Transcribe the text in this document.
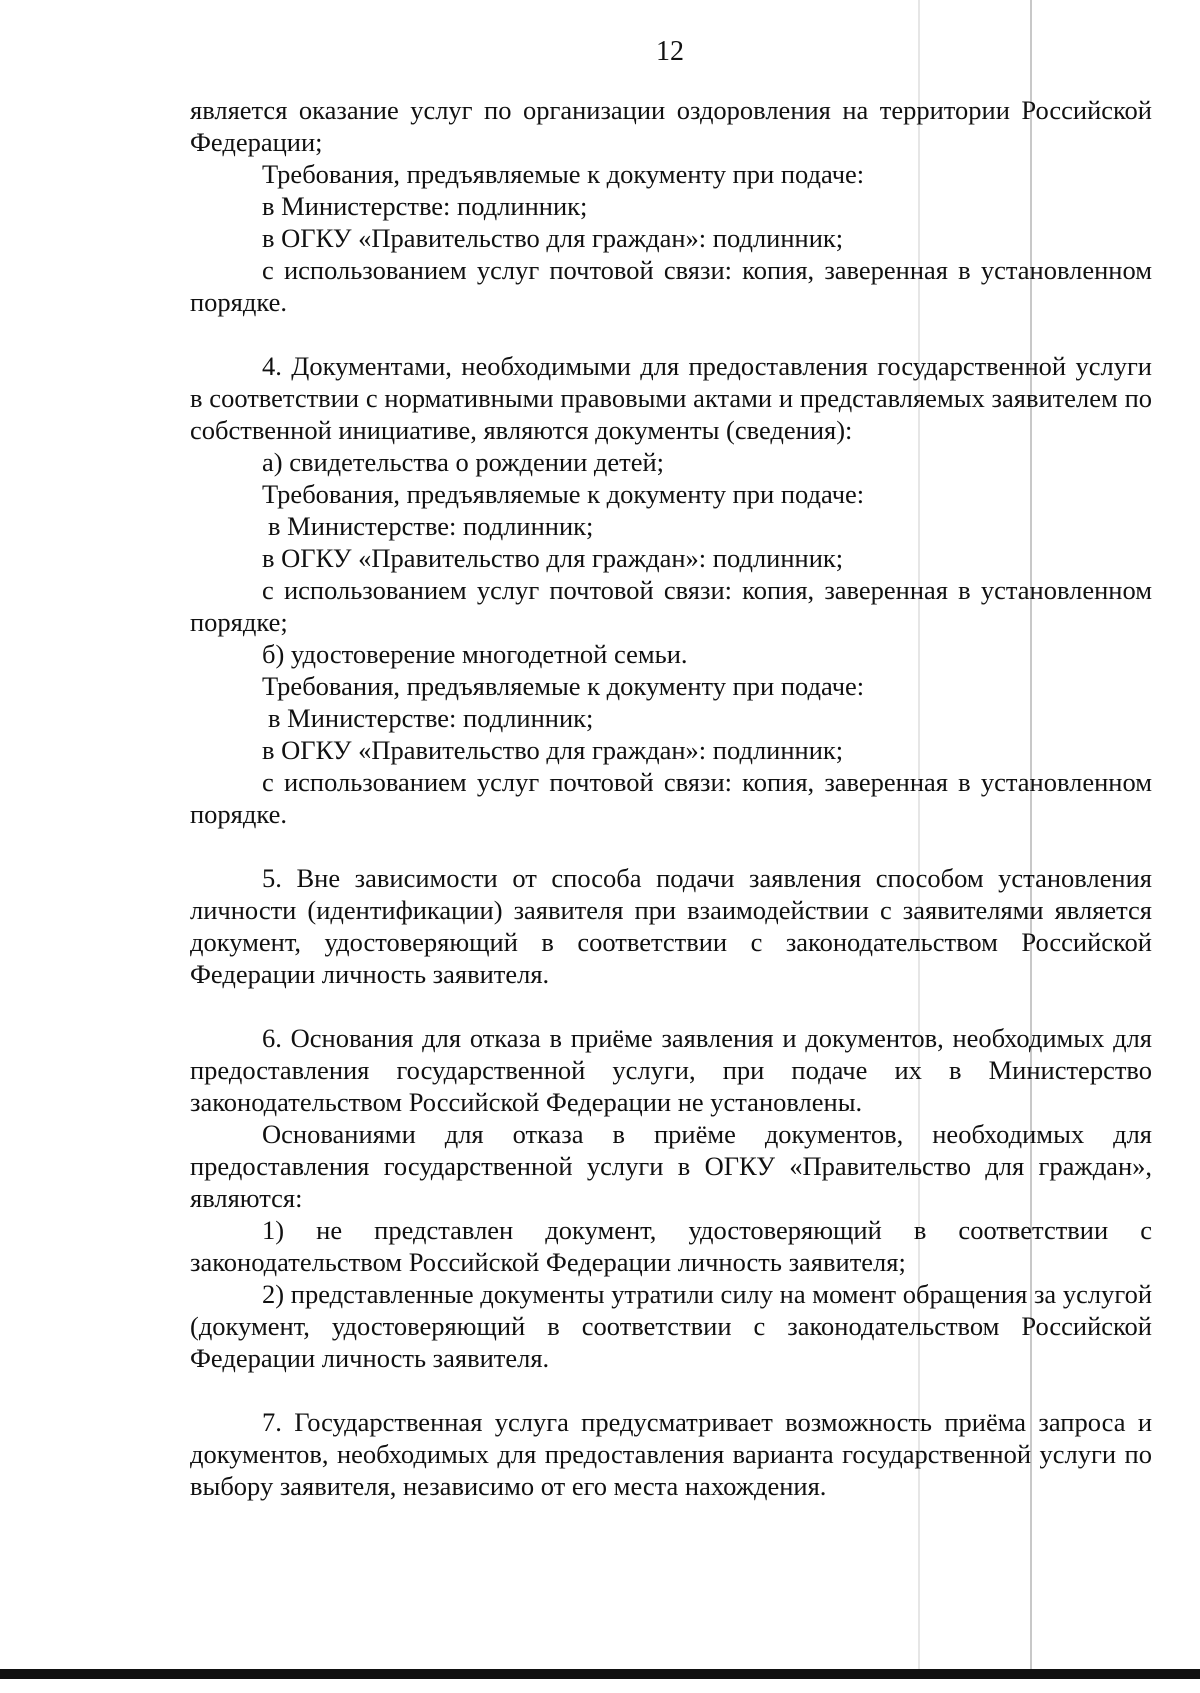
12

является оказание услуг по организации оздоровления на территории Российской Федерации;

Требования, предъявляемые к документу при подаче:

в Министерстве: подлинник;

в ОГКУ «Правительство для граждан»: подлинник;

с использованием услуг почтовой связи: копия, заверенная в установленном порядке.

4. Документами, необходимыми для предоставления государственной услуги в соответствии с нормативными правовыми актами и представляемых заявителем по собственной инициативе, являются документы (сведения):

а) свидетельства о рождении детей;

Требования, предъявляемые к документу при подаче:

в Министерстве: подлинник;

в ОГКУ «Правительство для граждан»: подлинник;

с использованием услуг почтовой связи: копия, заверенная в установленном порядке;

б) удостоверение многодетной семьи.

Требования, предъявляемые к документу при подаче:

в Министерстве: подлинник;

в ОГКУ «Правительство для граждан»: подлинник;

с использованием услуг почтовой связи: копия, заверенная в установленном порядке.

5. Вне зависимости от способа подачи заявления способом установления личности (идентификации) заявителя при взаимодействии с заявителями является документ, удостоверяющий в соответствии с законодательством Российской Федерации личность заявителя.

6. Основания для отказа в приёме заявления и документов, необходимых для предоставления государственной услуги, при подаче их в Министерство законодательством Российской Федерации не установлены.

Основаниями для отказа в приёме документов, необходимых для предоставления государственной услуги в ОГКУ «Правительство для граждан», являются:

1) не представлен документ, удостоверяющий в соответствии с законодательством Российской Федерации личность заявителя;

2) представленные документы утратили силу на момент обращения за услугой (документ, удостоверяющий в соответствии с законодательством Российской Федерации личность заявителя.

7. Государственная услуга предусматривает возможность приёма запроса и документов, необходимых для предоставления варианта государственной услуги по выбору заявителя, независимо от его места нахождения.
